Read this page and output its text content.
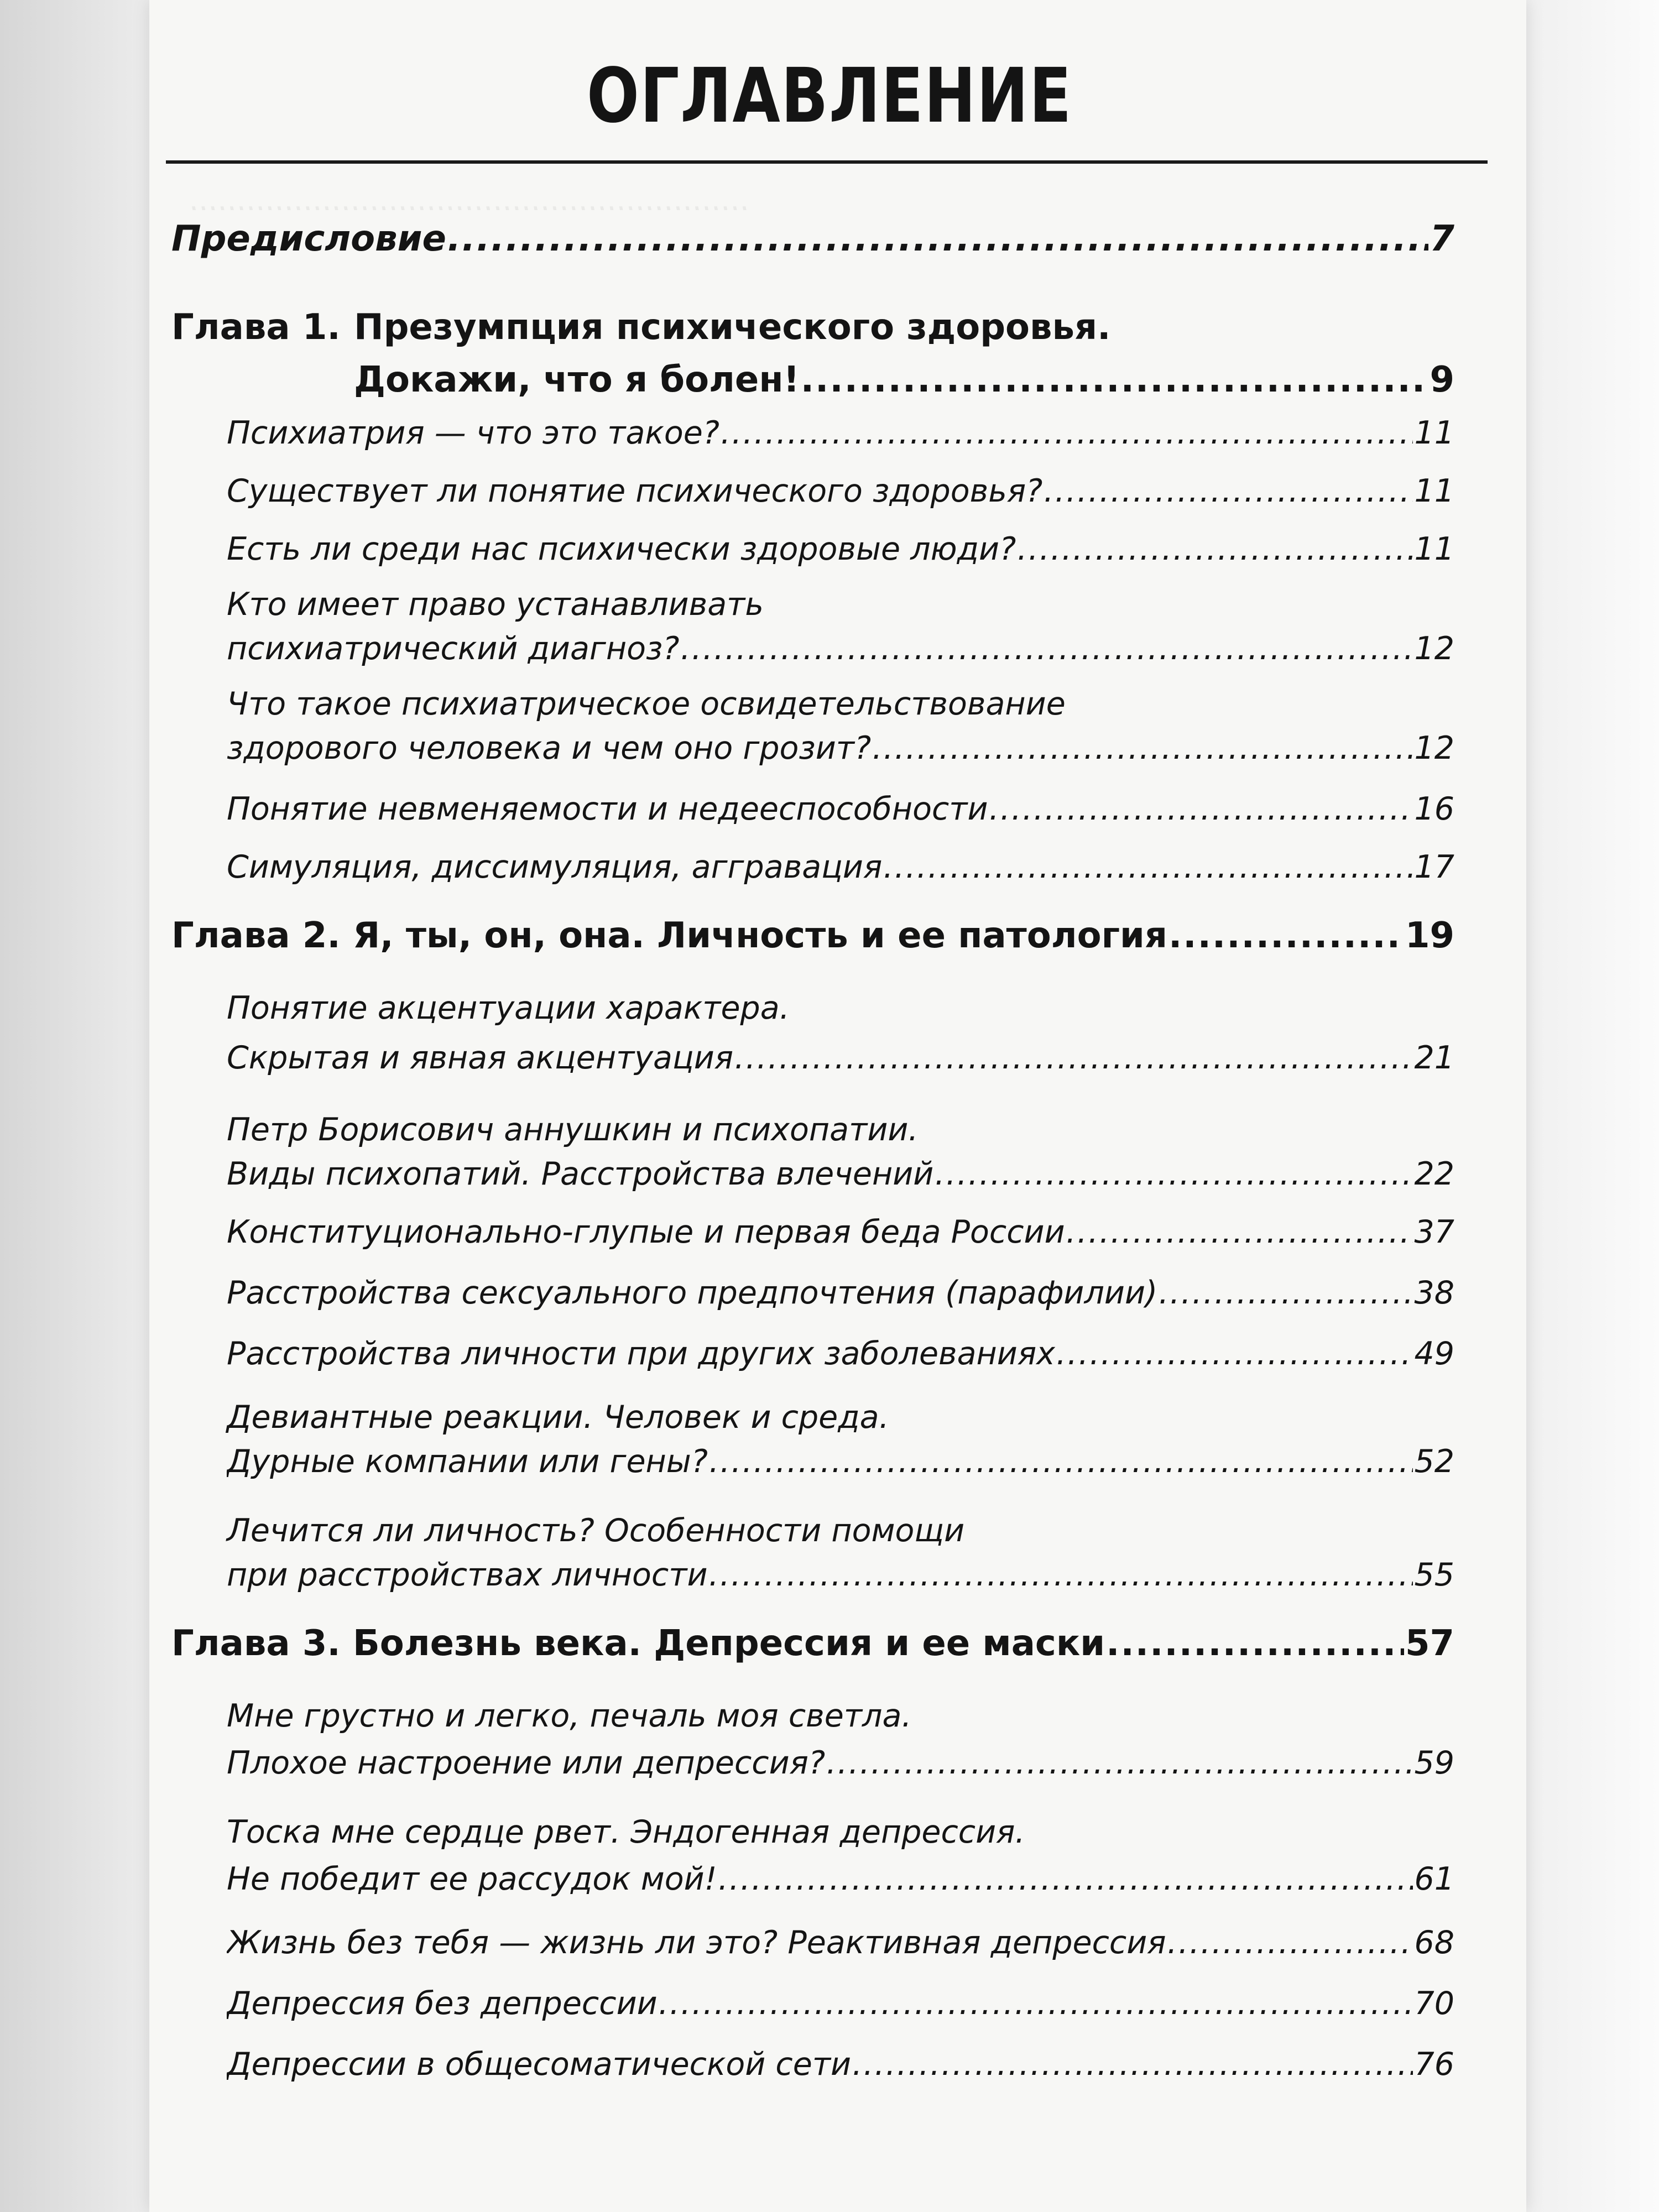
...........................................................
ОГЛАВЛЕНИЕ
Предисловие .....	7
Глава 1. Презумпция психического здоровья.
Докажи, что я болен! .....	9
Психиатрия — что это такое? .....	11
Существует ли понятие психического здоровья? .....	11
Есть ли среди нас психически здоровые люди? .....	11
Кто имеет право устанавливать
психиатрический диагноз? .....	12
Что такое психиатрическое освидетельствование
здорового человека и чем оно грозит? .....	12
Понятие невменяемости и недееспособности .....	16
Симуляция, диссимуляция, аггравация .....	17
Глава 2. Я, ты, он, она. Личность и ее патология .....	19
Понятие акцентуации характера.
Скрытая и явная акцентуация .....	21
Петр Борисович аннушкин и психопатии.
Виды психопатий. Расстройства влечений .....	22
Конституционально-глупые и первая беда России .....	37
Расстройства сексуального предпочтения (парафилии) .....	38
Расстройства личности при других заболеваниях .....	49
Девиантные реакции. Человек и среда.
Дурные компании или гены? .....	52
Лечится ли личность? Особенности помощи
при расстройствах личности .....	55
Глава 3. Болезнь века. Депрессия и ее маски .....	57
Мне грустно и легко, печаль моя светла.
Плохое настроение или депрессия? .....	59
Тоска мне сердце рвет. Эндогенная депрессия.
Не победит ее рассудок мой! .....	61
Жизнь без тебя — жизнь ли это? Реактивная депрессия .....	68
Депрессия без депрессии .....	70
Депрессии в общесоматической сети .....	76
